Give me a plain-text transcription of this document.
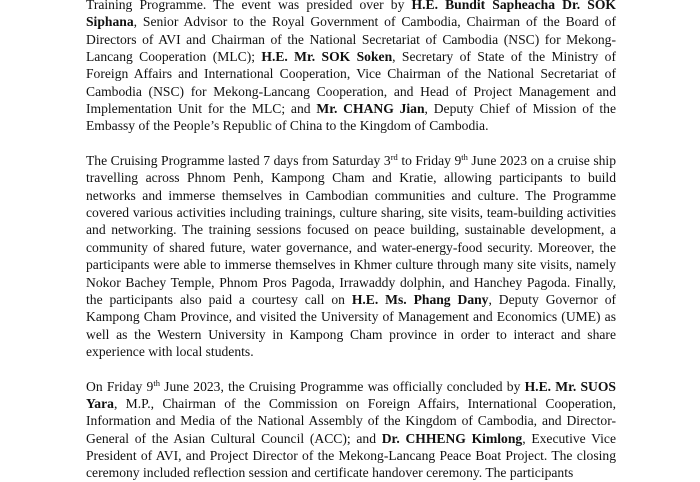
Training Programme. The event was presided over by H.E. Bundit Sapheacha Dr. SOK Siphana, Senior Advisor to the Royal Government of Cambodia, Chairman of the Board of Directors of AVI and Chairman of the National Secretariat of Cambodia (NSC) for Mekong-Lancang Cooperation (MLC); H.E. Mr. SOK Soken, Secretary of State of the Ministry of Foreign Affairs and International Cooperation, Vice Chairman of the National Secretariat of Cambodia (NSC) for Mekong-Lancang Cooperation, and Head of Project Management and Implementation Unit for the MLC; and Mr. CHANG Jian, Deputy Chief of Mission of the Embassy of the People’s Republic of China to the Kingdom of Cambodia.

The Cruising Programme lasted 7 days from Saturday 3rd to Friday 9th June 2023 on a cruise ship travelling across Phnom Penh, Kampong Cham and Kratie, allowing participants to build networks and immerse themselves in Cambodian communities and culture. The Programme covered various activities including trainings, culture sharing, site visits, team-building activities and networking. The training sessions focused on peace building, sustainable development, a community of shared future, water governance, and water-energy-food security. Moreover, the participants were able to immerse themselves in Khmer culture through many site visits, namely Nokor Bachey Temple, Phnom Pros Pagoda, Irrawaddy dolphin, and Hanchey Pagoda. Finally, the participants also paid a courtesy call on H.E. Ms. Phang Dany, Deputy Governor of Kampong Cham Province, and visited the University of Management and Economics (UME) as well as the Western University in Kampong Cham province in order to interact and share experience with local students.

On Friday 9th June 2023, the Cruising Programme was officially concluded by H.E. Mr. SUOS Yara, M.P., Chairman of the Commission on Foreign Affairs, International Cooperation, Information and Media of the National Assembly of the Kingdom of Cambodia, and Director-General of the Asian Cultural Council (ACC); and Dr. CHHENG Kimlong, Executive Vice President of AVI, and Project Director of the Mekong-Lancang Peace Boat Project. The closing ceremony included reflection session and certificate handover ceremony. The participants
